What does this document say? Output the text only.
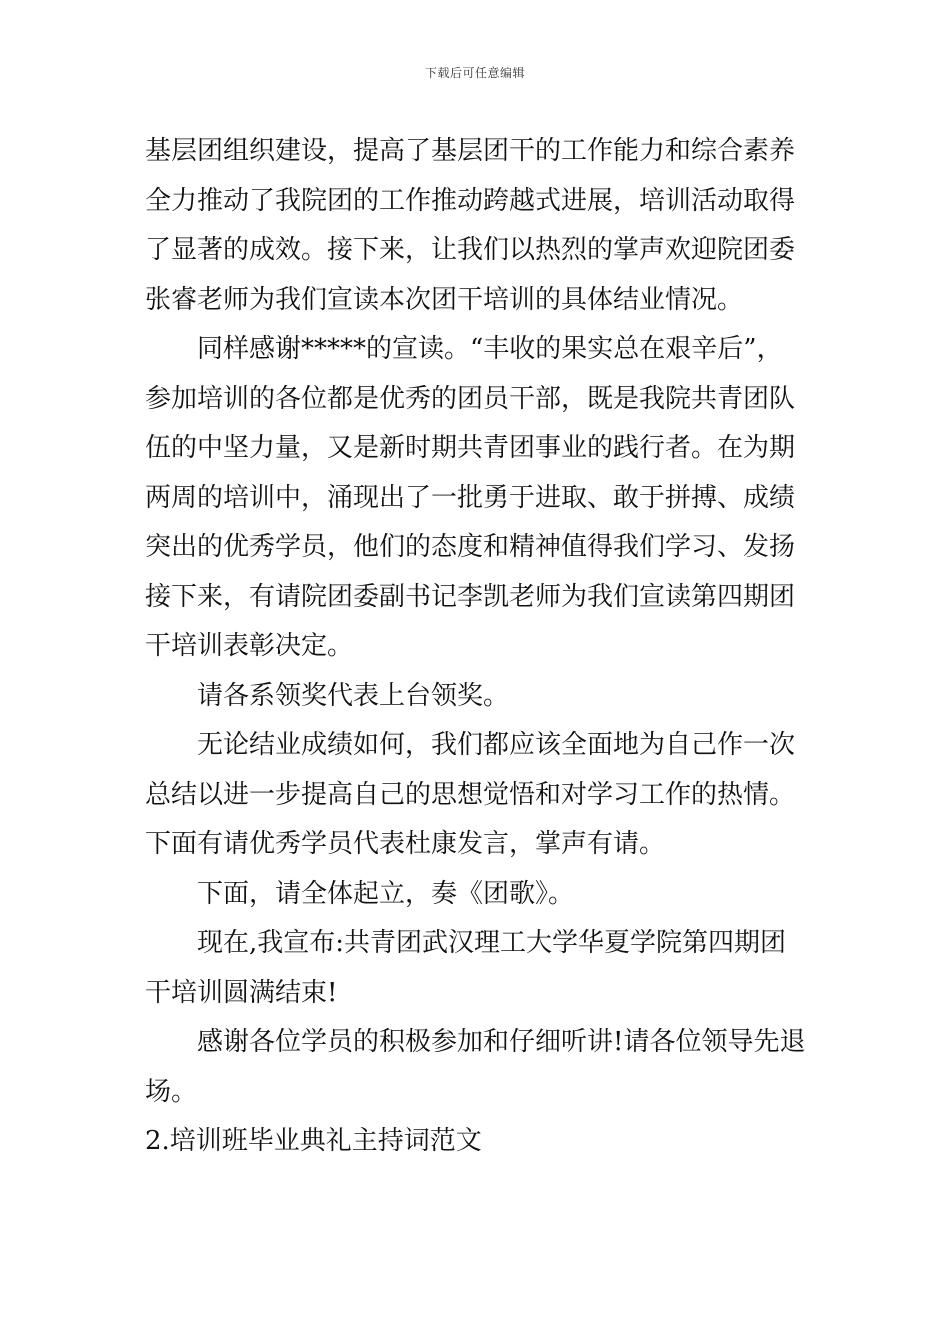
下载后可任意编辑
基层团组织建设，提高了基层团干的工作能力和综合素养
全力推动了我院团的工作推动跨越式进展，培训活动取得
了显著的成效。接下来，让我们以热烈的掌声欢迎院团委
张睿老师为我们宣读本次团干培训的具体结业情况。
同样感谢*****的宣读。“丰收的果实总在艰辛后”，
参加培训的各位都是优秀的团员干部，既是我院共青团队
伍的中坚力量，又是新时期共青团事业的践行者。在为期
两周的培训中，涌现出了一批勇于进取、敢于拼搏、成绩
突出的优秀学员，他们的态度和精神值得我们学习、发扬
接下来，有请院团委副书记李凯老师为我们宣读第四期团
干培训表彰决定。
请各系领奖代表上台领奖。
无论结业成绩如何，我们都应该全面地为自己作一次
总结以进一步提高自己的思想觉悟和对学习工作的热情。
下面有请优秀学员代表杜康发言，掌声有请。
下面，请全体起立，奏《团歌》。
现在,我宣布:共青团武汉理工大学华夏学院第四期团
干培训圆满结束!
感谢各位学员的积极参加和仔细听讲!请各位领导先退
场。
2.培训班毕业典礼主持词范文
